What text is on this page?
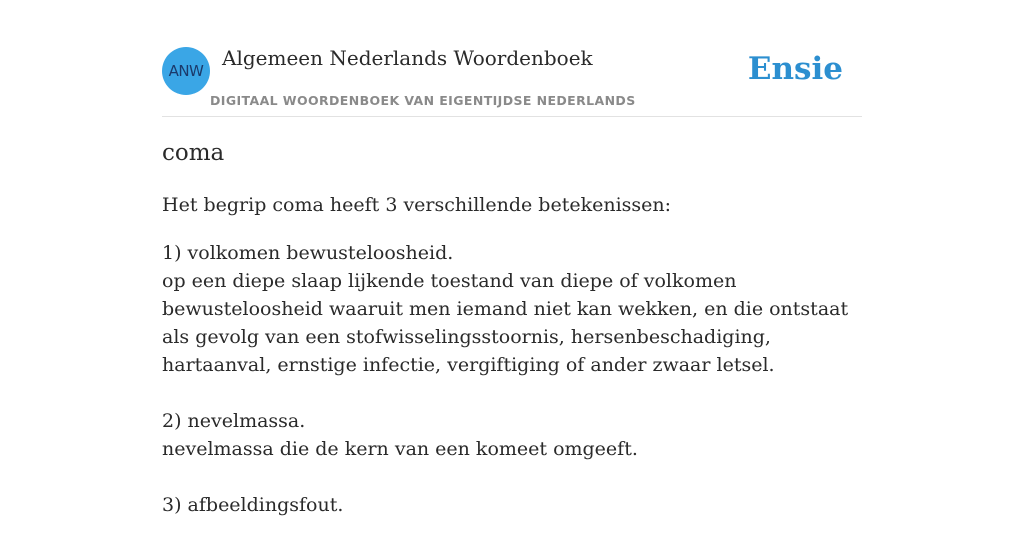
ANW
Algemeen Nederlands Woordenboek
DIGITAAL WOORDENBOEK VAN EIGENTIJDSE NEDERLANDS
Ensie
coma
Het begrip coma heeft 3 verschillende betekenissen:
1) volkomen bewusteloosheid.
op een diepe slaap lijkende toestand van diepe of volkomen bewusteloosheid waaruit men iemand niet kan wekken, en die ontstaat als gevolg van een stofwisselingsstoornis, hersenbeschadiging, hartaanval, ernstige infectie, vergiftiging of ander zwaar letsel.
2) nevelmassa.
nevelmassa die de kern van een komeet omgeeft.
3) afbeeldingsfout.
